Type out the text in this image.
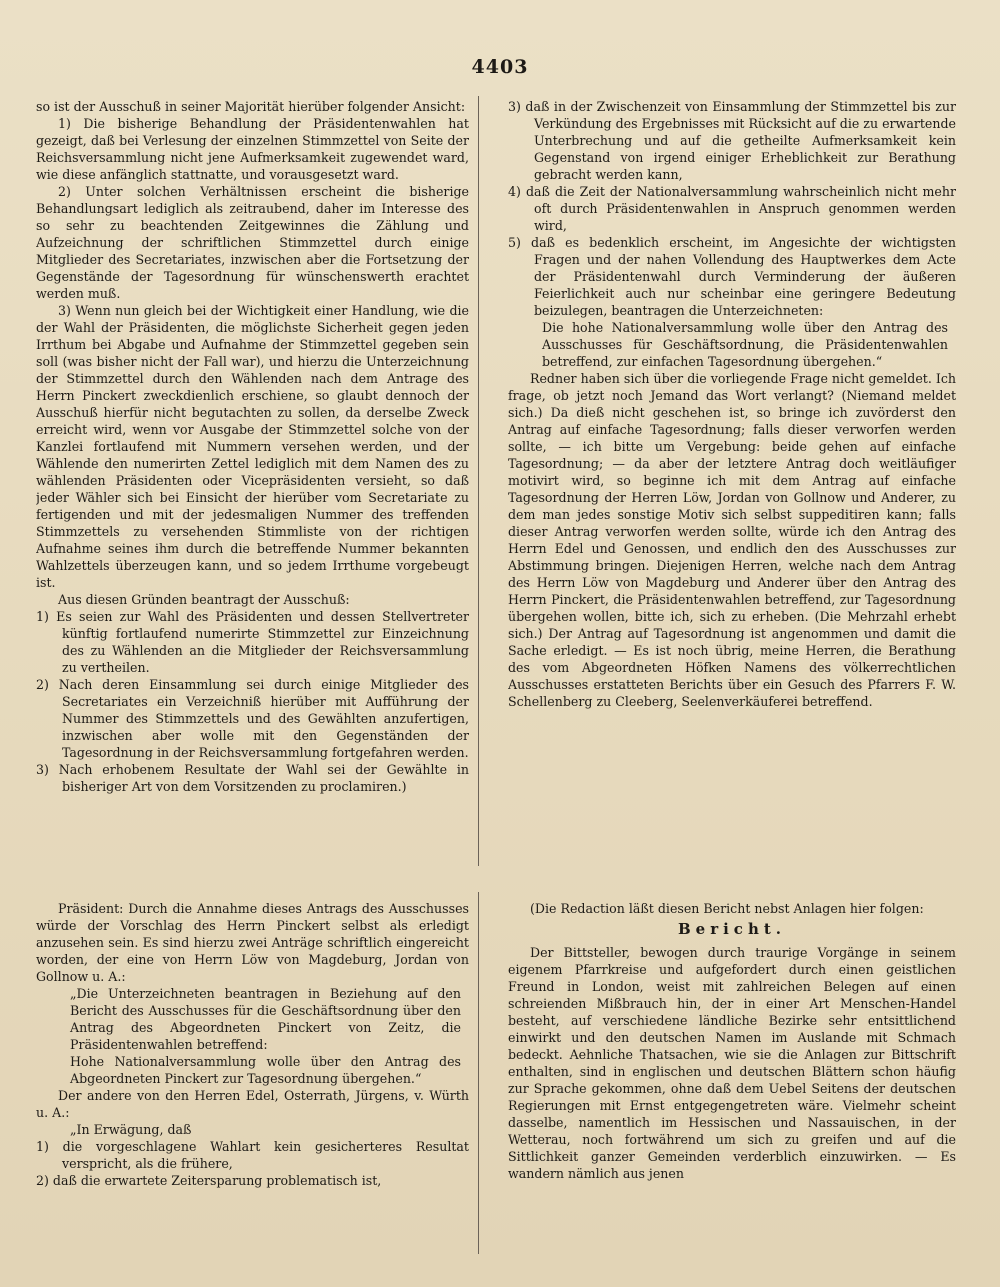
4403

so ist der Ausschuß in seiner Majorität hierüber folgender Ansicht:

1) Die bisherige Behandlung der Präsidentenwahlen hat gezeigt, daß bei Verlesung der einzelnen Stimmzettel von Seite der Reichsversammlung nicht jene Aufmerksamkeit zugewendet ward, wie diese anfänglich stattnatte, und vorausgesetzt ward.

2) Unter solchen Verhältnissen erscheint die bisherige Behandlungsart lediglich als zeitraubend, daher im Interesse des so sehr zu beachtenden Zeitgewinnes die Zählung und Aufzeichnung der schriftlichen Stimmzettel durch einige Mitglieder des Secretariates, inzwischen aber die Fortsetzung der Gegenstände der Tagesordnung für wünschenswerth erachtet werden muß.

3) Wenn nun gleich bei der Wichtigkeit einer Handlung, wie die der Wahl der Präsidenten, die möglichste Sicherheit gegen jeden Irrthum bei Abgabe und Aufnahme der Stimmzettel gegeben sein soll (was bisher nicht der Fall war), und hierzu die Unterzeichnung der Stimmzettel durch den Wählenden nach dem Antrage des Herrn Pinckert zweckdienlich erschiene, so glaubt dennoch der Ausschuß hierfür nicht begutachten zu sollen, da derselbe Zweck erreicht wird, wenn vor Ausgabe der Stimmzettel solche von der Kanzlei fortlaufend mit Nummern versehen werden, und der Wählende den numerirten Zettel lediglich mit dem Namen des zu wählenden Präsidenten oder Vicepräsidenten versieht, so daß jeder Wähler sich bei Einsicht der hierüber vom Secretariate zu fertigenden und mit der jedesmaligen Nummer des treffenden Stimmzettels zu versehenden Stimmliste von der richtigen Aufnahme seines ihm durch die betreffende Nummer bekannten Wahlzettels überzeugen kann, und so jedem Irrthume vorgebeugt ist.

Aus diesen Gründen beantragt der Ausschuß:

1) Es seien zur Wahl des Präsidenten und dessen Stellvertreter künftig fortlaufend numerirte Stimmzettel zur Einzeichnung des zu Wählenden an die Mitglieder der Reichsversammlung zu vertheilen.

2) Nach deren Einsammlung sei durch einige Mitglieder des Secretariates ein Verzeichniß hierüber mit Aufführung der Nummer des Stimmzettels und des Gewählten anzufertigen, inzwischen aber wolle mit den Gegenständen der Tagesordnung in der Reichsversammlung fortgefahren werden.

3) Nach erhobenem Resultate der Wahl sei der Gewählte in bisheriger Art von dem Vorsitzenden zu proclamiren.)

3) daß in der Zwischenzeit von Einsammlung der Stimmzettel bis zur Verkündung des Ergebnisses mit Rücksicht auf die zu erwartende Unterbrechung und auf die getheilte Aufmerksamkeit kein Gegenstand von irgend einiger Erheblichkeit zur Berathung gebracht werden kann,

4) daß die Zeit der Nationalversammlung wahrscheinlich nicht mehr oft durch Präsidentenwahlen in Anspruch genommen werden wird,

5) daß es bedenklich erscheint, im Angesichte der wichtigsten Fragen und der nahen Vollendung des Hauptwerkes dem Acte der Präsidentenwahl durch Verminderung der äußeren Feierlichkeit auch nur scheinbar eine geringere Bedeutung beizulegen, beantragen die Unterzeichneten:

Die hohe Nationalversammlung wolle über den Antrag des Ausschusses für Geschäftsordnung, die Präsidentenwahlen betreffend, zur einfachen Tagesordnung übergehen.“

Redner haben sich über die vorliegende Frage nicht gemeldet. Ich frage, ob jetzt noch Jemand das Wort verlangt? (Niemand meldet sich.) Da dieß nicht geschehen ist, so bringe ich zuvörderst den Antrag auf einfache Tagesordnung; falls dieser verworfen werden sollte, — ich bitte um Vergebung: beide gehen auf einfache Tagesordnung; — da aber der letztere Antrag doch weitläufiger motivirt wird, so beginne ich mit dem Antrag auf einfache Tagesordnung der Herren Löw, Jordan von Gollnow und Anderer, zu dem man jedes sonstige Motiv sich selbst suppeditiren kann; falls dieser Antrag verworfen werden sollte, würde ich den Antrag des Herrn Edel und Genossen, und endlich den des Ausschusses zur Abstimmung bringen. Diejenigen Herren, welche nach dem Antrag des Herrn Löw von Magdeburg und Anderer über den Antrag des Herrn Pinckert, die Präsidentenwahlen betreffend, zur Tagesordnung übergehen wollen, bitte ich, sich zu erheben. (Die Mehrzahl erhebt sich.) Der Antrag auf Tagesordnung ist angenommen und damit die Sache erledigt. — Es ist noch übrig, meine Herren, die Berathung des vom Abgeordneten Höfken Namens des völkerrechtlichen Ausschusses erstatteten Berichts über ein Gesuch des Pfarrers F. W. Schellenberg zu Cleeberg, Seelenverkäuferei betreffend.

Präsident: Durch die Annahme dieses Antrags des Ausschusses würde der Vorschlag des Herrn Pinckert selbst als erledigt anzusehen sein. Es sind hierzu zwei Anträge schriftlich eingereicht worden, der eine von Herrn Löw von Magdeburg, Jordan von Gollnow u. A.:

„Die Unterzeichneten beantragen in Beziehung auf den Bericht des Ausschusses für die Geschäftsordnung über den Antrag des Abgeordneten Pinckert von Zeitz, die Präsidentenwahlen betreffend:

Hohe Nationalversammlung wolle über den Antrag des Abgeordneten Pinckert zur Tagesordnung übergehen.“

Der andere von den Herren Edel, Osterrath, Jürgens, v. Würth u. A.:

„In Erwägung, daß

1) die vorgeschlagene Wahlart kein gesicherteres Resultat verspricht, als die frühere,

2) daß die erwartete Zeitersparung problematisch ist,

(Die Redaction läßt diesen Bericht nebst Anlagen hier folgen:

Bericht.

Der Bittsteller, bewogen durch traurige Vorgänge in seinem eigenem Pfarrkreise und aufgefordert durch einen geistlichen Freund in London, weist mit zahlreichen Belegen auf einen schreienden Mißbrauch hin, der in einer Art Menschen-Handel besteht, auf verschiedene ländliche Bezirke sehr entsittlichend einwirkt und den deutschen Namen im Auslande mit Schmach bedeckt. Aehnliche Thatsachen, wie sie die Anlagen zur Bittschrift enthalten, sind in englischen und deutschen Blättern schon häufig zur Sprache gekommen, ohne daß dem Uebel Seitens der deutschen Regierungen mit Ernst entgegengetreten wäre. Vielmehr scheint dasselbe, namentlich im Hessischen und Nassauischen, in der Wetterau, noch fortwährend um sich zu greifen und auf die Sittlichkeit ganzer Gemeinden verderblich einzuwirken. — Es wandern nämlich aus jenen
